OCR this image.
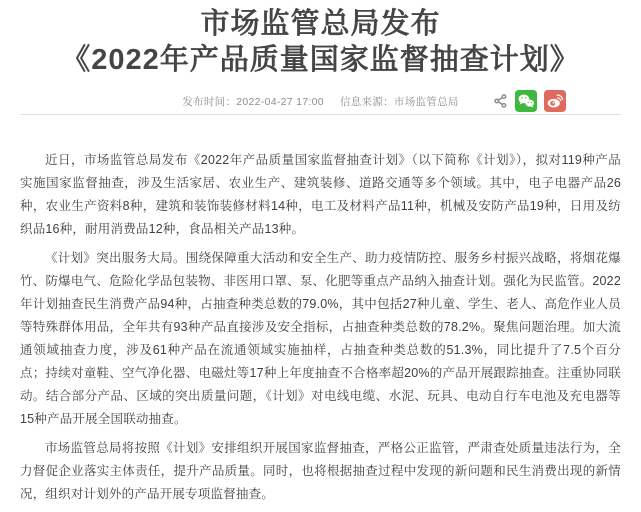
市场监管总局发布
《2022年产品质量国家监督抽查计划》
发布时间：2022-04-27 17:00 信息来源：市场监管总局

近日，市场监管总局发布《2022年产品质量国家监督抽查计划》（以下简称《计划》），拟对119种产品实施国家监督抽查，涉及生活家居、农业生产、建筑装修、道路交通等多个领域。其中，电子电器产品26种，农业生产资料8种，建筑和装饰装修材料14种，电工及材料产品11种，机械及安防产品19种，日用及纺织品16种，耐用消费品12种，食品相关产品13种。

《计划》突出服务大局。围绕保障重大活动和安全生产、助力疫情防控、服务乡村振兴战略，将烟花爆竹、防爆电气、危险化学品包装物、非医用口罩、泵、化肥等重点产品纳入抽查计划。强化为民监管。2022年计划抽查民生消费产品94种，占抽查种类总数的79.0%，其中包括27种儿童、学生、老人、高危作业人员等特殊群体用品，全年共有93种产品直接涉及安全指标，占抽查种类总数的78.2%。聚焦问题治理。加大流通领域抽查力度，涉及61种产品在流通领域实施抽样，占抽查种类总数的51.3%，同比提升了7.5个百分点；持续对童鞋、空气净化器、电磁灶等17种上年度抽查不合格率超20%的产品开展跟踪抽查。注重协同联动。结合部分产品、区域的突出质量问题，《计划》对电线电缆、水泥、玩具、电动自行车电池及充电器等15种产品开展全国联动抽查。

市场监管总局将按照《计划》安排组织开展国家监督抽查，严格公正监管，严肃查处质量违法行为，全力督促企业落实主体责任，提升产品质量。同时，也将根据抽查过程中发现的新问题和民生消费出现的新情况，组织对计划外的产品开展专项监督抽查。
